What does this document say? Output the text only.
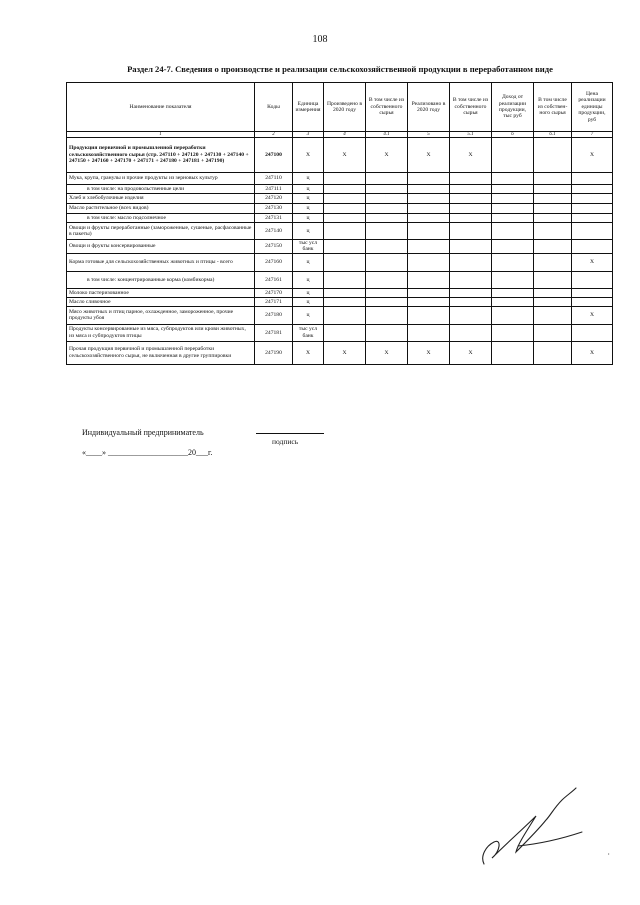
108
Раздел 24-7. Сведения о производстве и реализации сельскохозяйственной продукции в переработанном виде
Наименование показателя	Коды	Единица измерения	Произведено в 2020 году	В том числе из собственного сырья	Реализовано в 2020 году	В том числе из собственного сырья	Доход от реализации продукции, тыс руб	В том числе из собственного сырья	Цена реализации единицы продукции, руб
1	2	3	4	4.1	5	5.1	6	6.1	7
Продукция первичной и промышленной переработки сельскохозяйственного сырья (стр. 247110 + 247120 + 247130 + 247140 + 247150 + 247160 + 247170 + 247171 + 247180 + 247181 + 247190)	247100	X	X	X	X	X			X
Мука, крупа, гранулы и прочие продукты из зерновых культур	247110	ц							
в том числе: на продовольственные цели	247111	ц							
Хлеб и хлебобулочные изделия	247120	ц							
Масло растительное (всех видов)	247130	ц							
в том числе: масло подсолнечное	247131	ц							
Овощи и фрукты переработанные (замороженные, сушеные, расфасованные в пакеты)	247140	ц							
Овощи и фрукты консервированные	247150	тыс усл банк							
Корма готовые для сельскохозяйственных животных и птицы - всего	247160	ц							X
в том числе: концентрированные корма (комбикорма)	247161	ц							
Молоко пастеризованное	247170	ц							
Масло сливочное	247171	ц							
Мясо животных и птиц парное, охлажденное, замороженное, прочие продукты убоя	247180	ц							X
Продукты консервированные из мяса, субпродуктов или крови животных, из мяса и субпродуктов птицы	247181	тыс усл банк							
Прочая продукция первичной и промышленной переработки сельскохозяйственного сырья, не включенная в другие группировки	247190	X	X	X	X	X			X
Индивидуальный предприниматель
подпись
«____» ____________________20___г.
·
